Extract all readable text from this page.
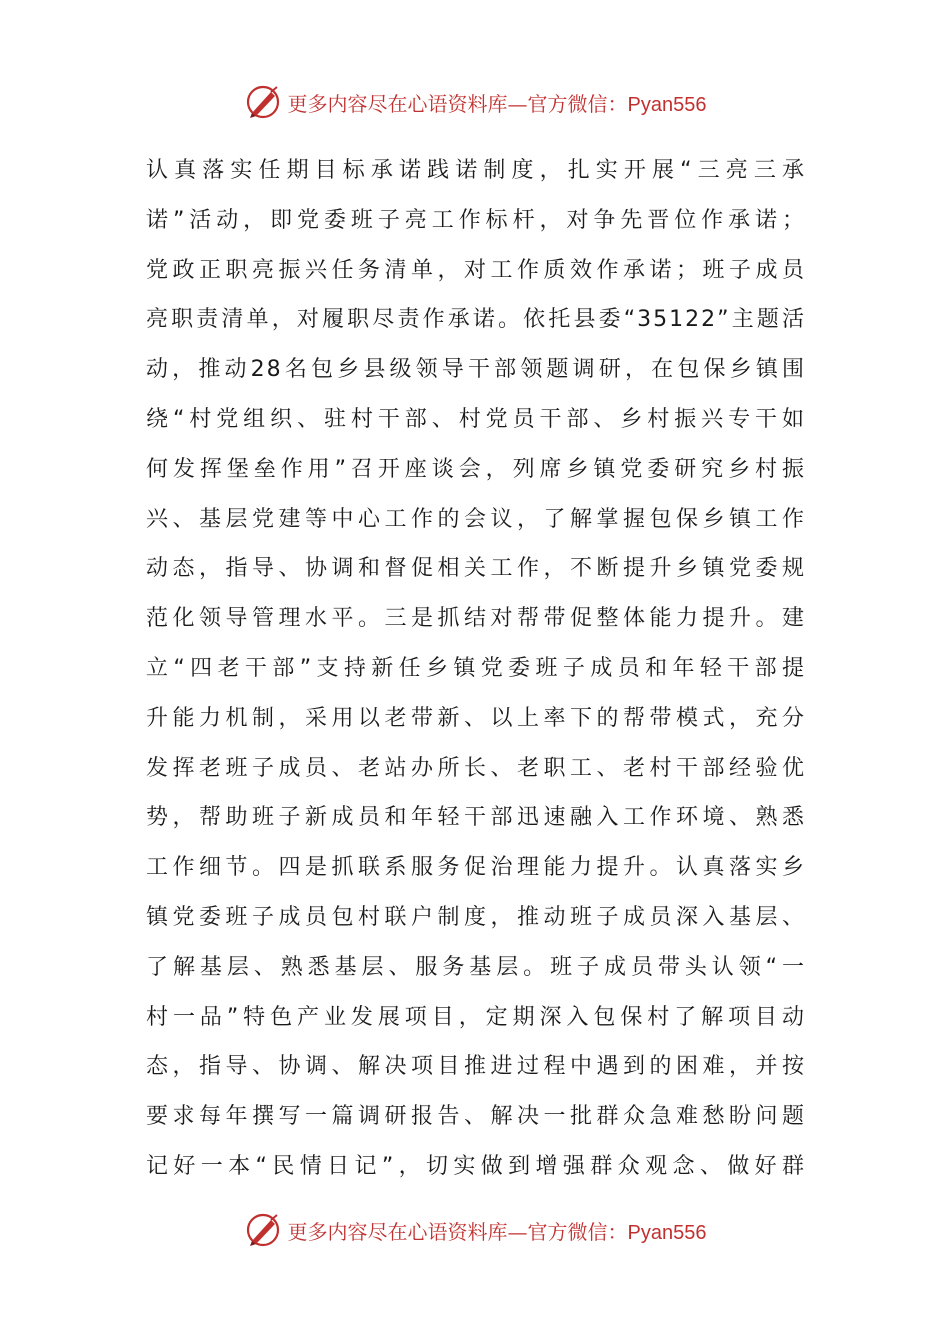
更多内容尽在心语资料库—官方微信：Pyan556
认真落实任期目标承诺践诺制度，扎实开展“三亮三承
诺”活动，即党委班子亮工作标杆，对争先晋位作承诺；
党政正职亮振兴任务清单，对工作质效作承诺；班子成员
亮职责清单，对履职尽责作承诺。依托县委“35122”主题活
动，推动28名包乡县级领导干部领题调研，在包保乡镇围
绕“村党组织、驻村干部、村党员干部、乡村振兴专干如
何发挥堡垒作用”召开座谈会，列席乡镇党委研究乡村振
兴、基层党建等中心工作的会议，了解掌握包保乡镇工作
动态，指导、协调和督促相关工作，不断提升乡镇党委规
范化领导管理水平。三是抓结对帮带促整体能力提升。建
立“四老干部”支持新任乡镇党委班子成员和年轻干部提
升能力机制，采用以老带新、以上率下的帮带模式，充分
发挥老班子成员、老站办所长、老职工、老村干部经验优
势，帮助班子新成员和年轻干部迅速融入工作环境、熟悉
工作细节。四是抓联系服务促治理能力提升。认真落实乡
镇党委班子成员包村联户制度，推动班子成员深入基层、
了解基层、熟悉基层、服务基层。班子成员带头认领“一
村一品”特色产业发展项目，定期深入包保村了解项目动
态，指导、协调、解决项目推进过程中遇到的困难，并按
要求每年撰写一篇调研报告、解决一批群众急难愁盼问题
记好一本“民情日记”，切实做到增强群众观念、做好群
更多内容尽在心语资料库—官方微信：Pyan556
